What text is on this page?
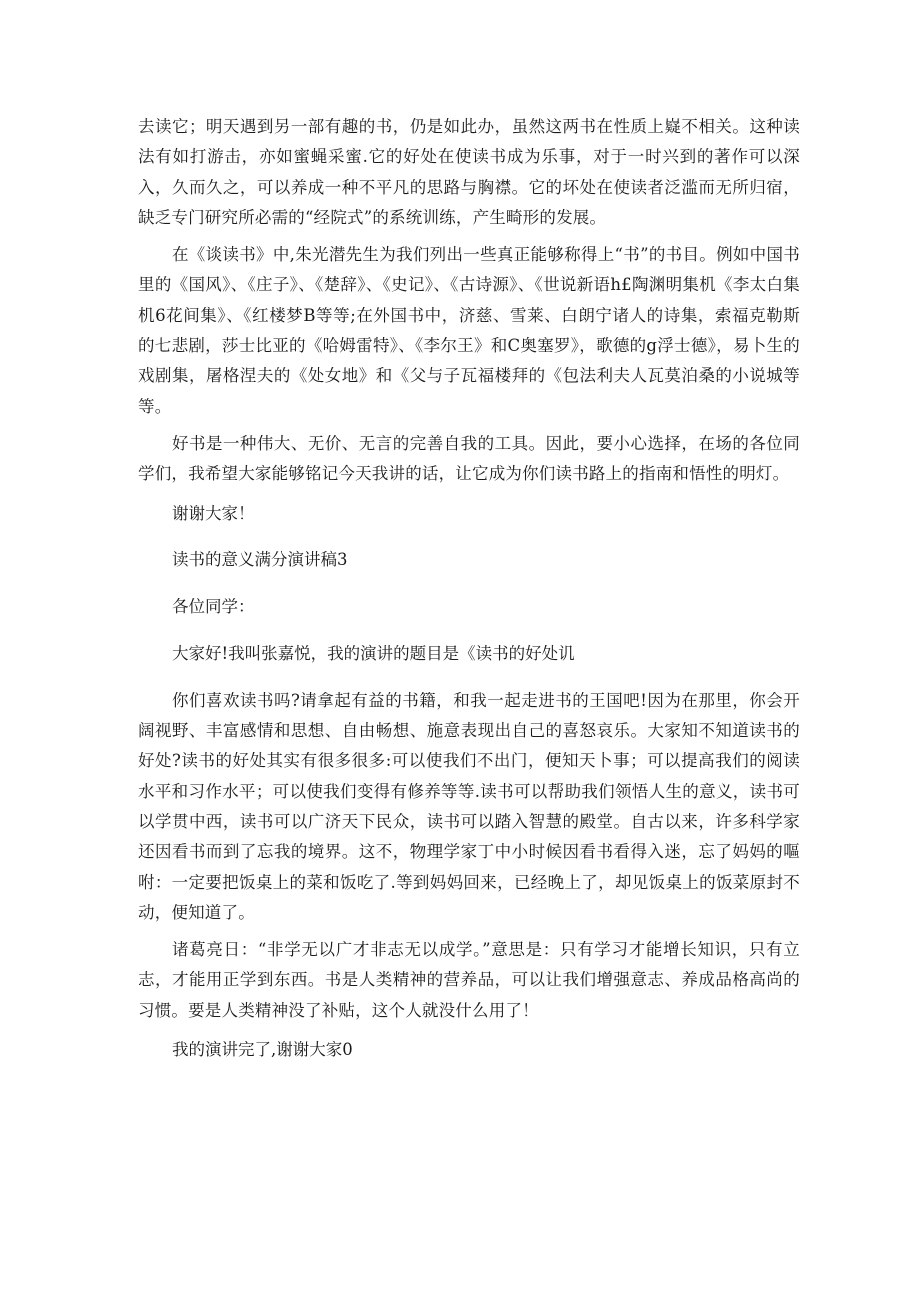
去读它；明天遇到另一部有趣的书，仍是如此办，虽然这两书在性质上嶷不相关。这种读法有如打游击，亦如蜜蝇采蜜.它的好处在使读书成为乐事，对于一时兴到的著作可以深入，久而久之，可以养成一种不平凡的思路与胸襟。它的坏处在使读者泛滥而无所归宿，缺乏专门研究所必需的“经院式”的系统训练，产生畸形的发展。

在《谈读书》中,朱光潜先生为我们列出一些真正能够称得上“书”的书目。例如中国书里的《国风》、《庄子》、《楚辞》、《史记》、《古诗源》、《世说新语h£陶渊明集机《李太白集机6花间集》、《红楼梦B等等;在外国书中，济慈、雪莱、白朗宁诸人的诗集，索福克勒斯的七悲剧，莎士比亚的《哈姆雷特》、《李尔王》和C奥塞罗》，歌德的g浮士德》，易卜生的戏剧集，屠格涅夫的《处女地》和《父与子瓦福楼拜的《包法利夫人瓦莫泊桑的小说城等等。

好书是一种伟大、无价、无言的完善自我的工具。因此，要小心选择，在场的各位同学们，我希望大家能够铭记今天我讲的话，让它成为你们读书路上的指南和悟性的明灯。

谢谢大家！

读书的意义满分演讲稿3

各位同学：

大家好!我叫张嘉悦，我的演讲的题目是《读书的好处讥

你们喜欢读书吗?请拿起有益的书籍，和我一起走进书的王国吧!因为在那里，你会开阔视野、丰富感情和思想、自由畅想、施意表现出自己的喜怒哀乐。大家知不知道读书的好处?读书的好处其实有很多很多:可以使我们不出门，便知天卜事；可以提高我们的阅读水平和习作水平；可以使我们变得有修养等等.读书可以帮助我们领悟人生的意义，读书可以学贯中西，读书可以广济天下民众，读书可以踏入智慧的殿堂。自古以来，许多科学家还因看书而到了忘我的境界。这不，物理学家丁中小时候因看书看得入迷，忘了妈妈的嘔咐：一定要把饭桌上的菜和饭吃了.等到妈妈回来，已经晚上了，却见饭桌上的饭菜原封不动，便知道了。

诸葛亮日：“非学无以广才非志无以成学。”意思是：只有学习才能增长知识，只有立志，才能用正学到东西。书是人类精神的营养品，可以让我们增强意志、养成品格高尚的习惯。要是人类精神没了补贴，这个人就没什么用了！

我的演讲完了,谢谢大家0
